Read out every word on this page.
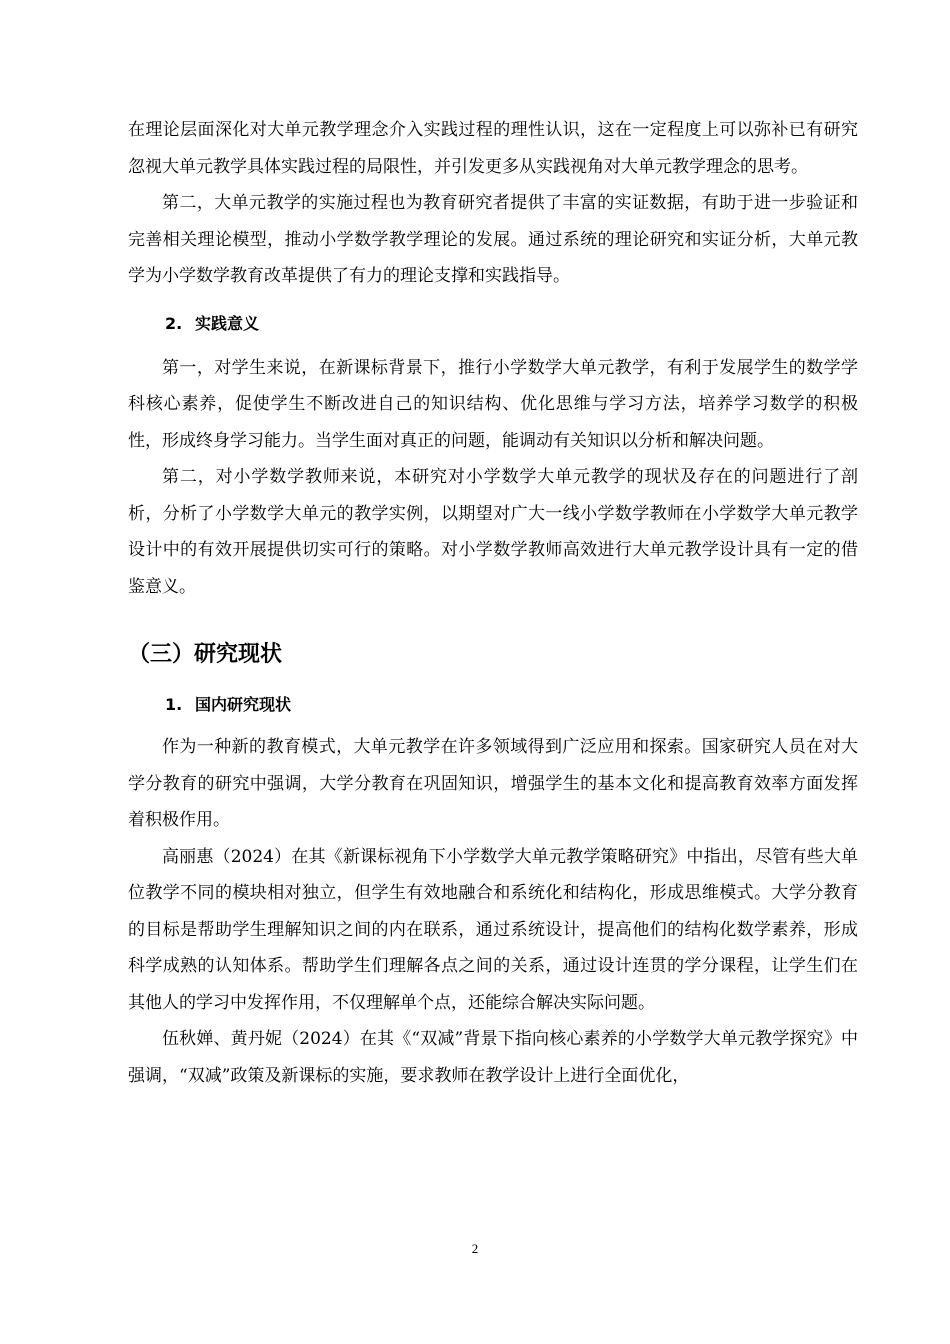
在理论层面深化对大单元教学理念介入实践过程的理性认识，这在一定程度上可以弥补已有研究忽视大单元教学具体实践过程的局限性，并引发更多从实践视角对大单元教学理念的思考。

第二，大单元教学的实施过程也为教育研究者提供了丰富的实证数据，有助于进一步验证和完善相关理论模型，推动小学数学教学理论的发展。通过系统的理论研究和实证分析，大单元教学为小学数学教育改革提供了有力的理论支撑和实践指导。

2. 实践意义

第一，对学生来说，在新课标背景下，推行小学数学大单元教学，有利于发展学生的数学学科核心素养，促使学生不断改进自己的知识结构、优化思维与学习方法，培养学习数学的积极性，形成终身学习能力。当学生面对真正的问题，能调动有关知识以分析和解决问题。

第二，对小学数学教师来说，本研究对小学数学大单元教学的现状及存在的问题进行了剖析，分析了小学数学大单元的教学实例，以期望对广大一线小学数学教师在小学数学大单元教学设计中的有效开展提供切实可行的策略。对小学数学教师高效进行大单元教学设计具有一定的借鉴意义。

（三）研究现状
1. 国内研究现状

作为一种新的教育模式，大单元教学在许多领域得到广泛应用和探索。国家研究人员在对大学分教育的研究中强调，大学分教育在巩固知识，增强学生的基本文化和提高教育效率方面发挥着积极作用。

高丽惠（2024）在其《新课标视角下小学数学大单元教学策略研究》中指出，尽管有些大单位教学不同的模块相对独立，但学生有效地融合和系统化和结构化，形成思维模式。大学分教育的目标是帮助学生理解知识之间的内在联系，通过系统设计，提高他们的结构化数学素养，形成科学成熟的认知体系。帮助学生们理解各点之间的关系，通过设计连贯的学分课程，让学生们在其他人的学习中发挥作用，不仅理解单个点，还能综合解决实际问题。

伍秋婵、黄丹妮（2024）在其《“双减”背景下指向核心素养的小学数学大单元教学探究》中强调，“双减”政策及新课标的实施，要求教师在教学设计上进行全面优化，

2
